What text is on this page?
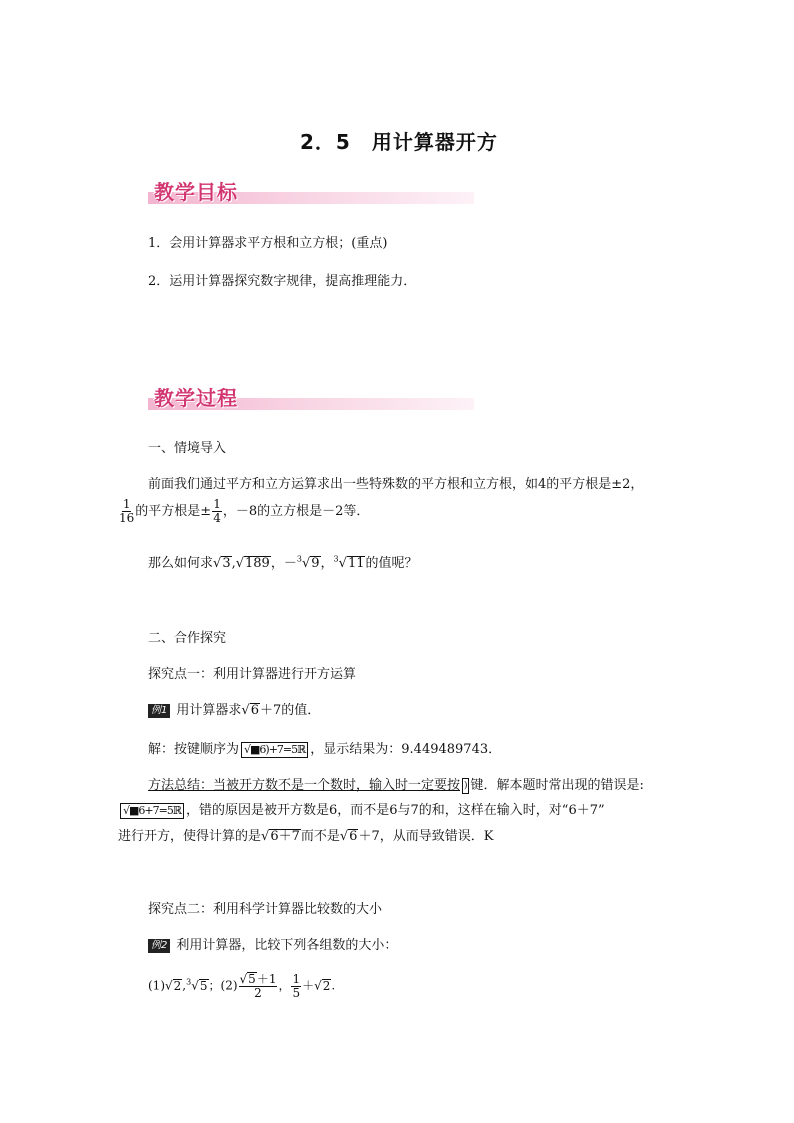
2．5　用计算器开方
教学目标
1．会用计算器求平方根和立方根；(重点)
2．运用计算器探究数字规律，提高推理能力．
教学过程
一、情境导入
前面我们通过平方和立方运算求出一些特殊数的平方根和立方根，如4的平方根是±2，
$\frac{1}{16}$ 的平方根是± $\frac{1}{4}$ ，－8的立方根是－2等．
那么如何求√3,√189，－$^3$√9，$^3$√11的值呢？
二、合作探究
探究点一：利用计算器进行开方运算
例1 用计算器求√6＋7的值．
解：按键顺序为 √■6)+7=5ℝ ，显示结果为：9.449489743．
方法总结：当被开方数不是一个数时，输入时一定要按 ) 键．解本题时常出现的错误是:
√■6+7=5ℝ ，错的原因是被开方数是6，而不是6与7的和，这样在输入时，对“6＋7”
进行开方，使得计算的是√6＋7而不是√6＋7，从而导致错误．K
探究点二：利用科学计算器比较数的大小
例2 利用计算器，比较下列各组数的大小：
(1)√2,$^3$√5；$(2) \frac{√5+1}{2}$ ， $\frac{1}{5} +√2$.
